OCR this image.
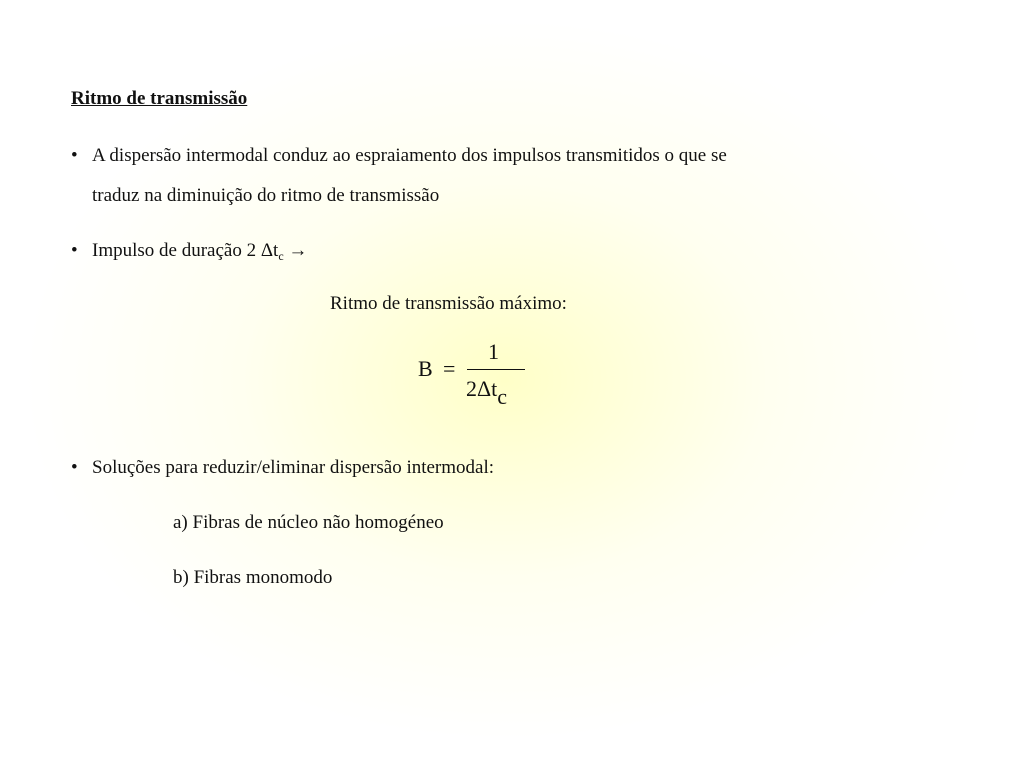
Ritmo de transmissão
• A dispersão intermodal conduz ao espraiamento dos impulsos transmitidos o que se
traduz na diminuição do ritmo de transmissão
• Impulso de duração 2 $\Delta t_c$ →
Ritmo de transmissão máximo:
B =
1
2Δtc
• Soluções para reduzir/eliminar dispersão intermodal:
a) Fibras de núcleo não homogéneo
b) Fibras monomodo
